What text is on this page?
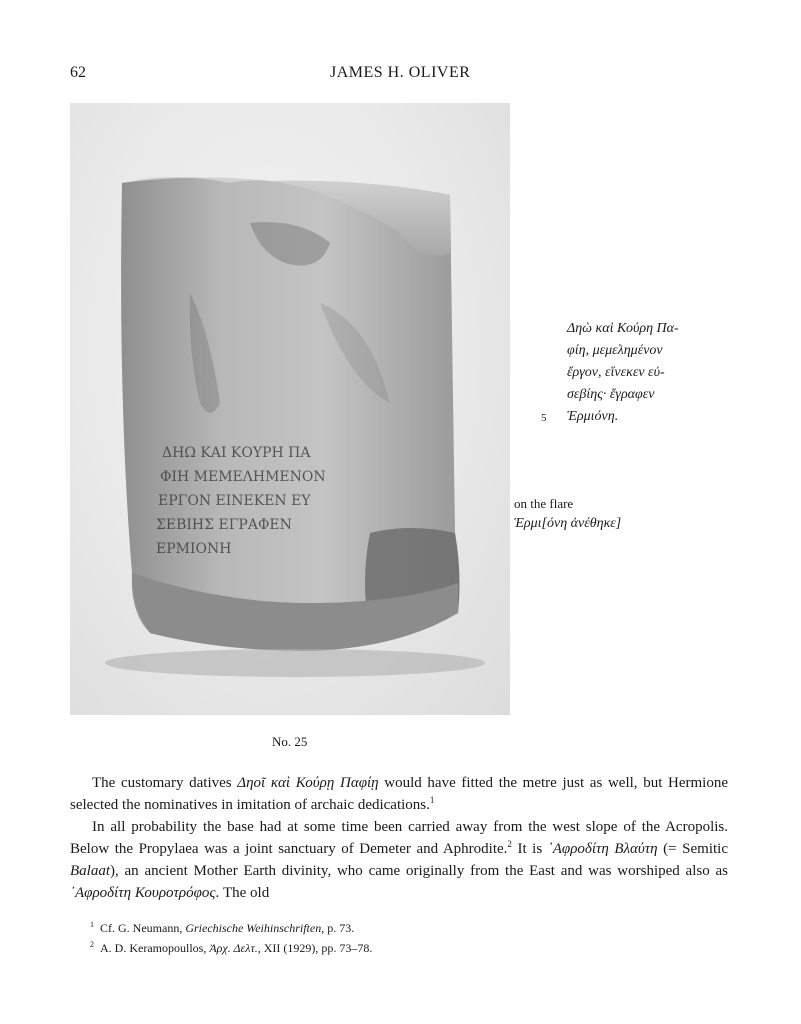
62	JAMES H. OLIVER
ΔΗΩ ΚΑΙ ΚΟΥΡΗ ΠΑ
ΦΙΗ ΜΕΜΕΛΗΜΕΝΟΝ
ΕΡΓΟΝ ΕΙΝΕΚΕΝ ΕΥ
ΣΕΒΙΗΣ ΕΓΡΑΦΕΝ
ΕΡΜΙΟΝΗ
No. 25
Δηὼ καὶ Κούρη Πα-
φίη, μεμελημένον
ἔργον, εἵνεκεν εὐ-
σεβίης· ἔγραφεν
5 Ἑρμιόνη.
on the flare
Ἑρμι[όνη ἀνέθηκε]

The customary datives Δηοῖ καὶ Κούρῃ Παφίῃ would have fitted the metre just as well, but Hermione selected the nominatives in imitation of archaic dedications.$^1$

In all probability the base had at some time been carried away from the west slope of the Acropolis. Below the Propylaea was a joint sanctuary of Demeter and Aphrodite.$^2$ It is ᾿Αφροδίτη Βλαύτη (= Semitic Balaat), an ancient Mother Earth divinity, who came originally from the East and was worshiped also as ᾿Αφροδίτη Κουροτρόφος. The old

$^1$ Cf. G. Neumann, Griechische Weihinschriften, p. 73.
$^2$ A. D. Keramopoullos, Ἀρχ. Δελτ., XII (1929), pp. 73–78.
